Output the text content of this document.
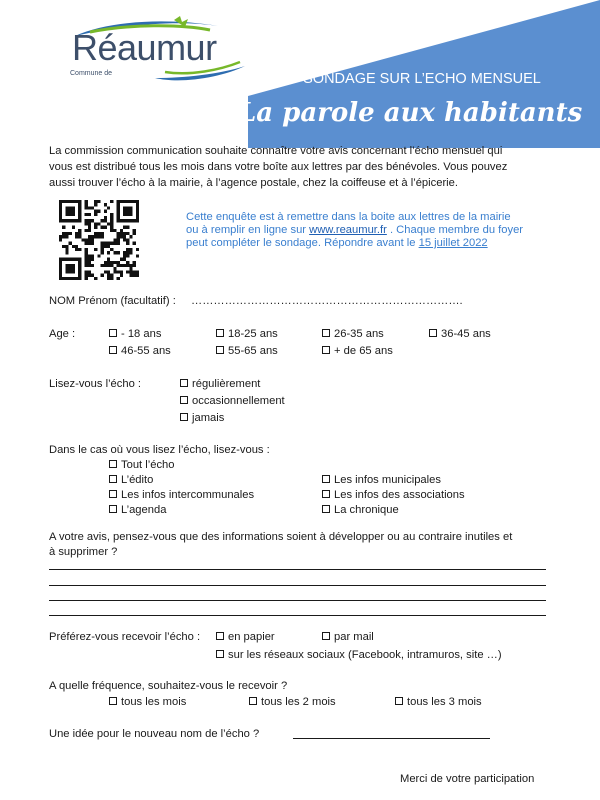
Réaumur
Commune de	SONDAGE SUR L’ECHO MENSUEL
La parole aux habitants
La commission communication souhaite connaître votre avis concernant l’écho mensuel qui
vous est distribué tous les mois dans votre boîte aux lettres par des bénévoles. Vous pouvez
aussi trouver l’écho à la mairie, à l’agence postale, chez la coiffeuse et à l’épicerie.
Cette enquête est à remettre dans la boite aux lettres de la mairie
ou à remplir en ligne sur www.reaumur.fr . Chaque membre du foyer
peut compléter le sondage. Répondre avant le 15 juillet 2022
NOM Prénom (facultatif) : ……………………………………………………………….
Age :	- 18 ans	18-25 ans	26-35 ans	36-45 ans
46-55 ans	55-65 ans	+ de 65 ans
Lisez-vous l’écho :	régulièrement
occasionnellement
jamais
Dans le cas où vous lisez l’écho, lisez-vous :
Tout l’écho
L’édito	Les infos municipales
Les infos intercommunales	Les infos des associations
L’agenda	La chronique
A votre avis, pensez-vous que des informations soient à développer ou au contraire inutiles et
à supprimer ?
Préférez-vous recevoir l’écho :	en papier	par mail
sur les réseaux sociaux (Facebook, intramuros, site …)
A quelle fréquence, souhaitez-vous le recevoir ?
tous les mois	tous les 2 mois	tous les 3 mois
Une idée pour le nouveau nom de l’écho ?
Merci de votre participation
